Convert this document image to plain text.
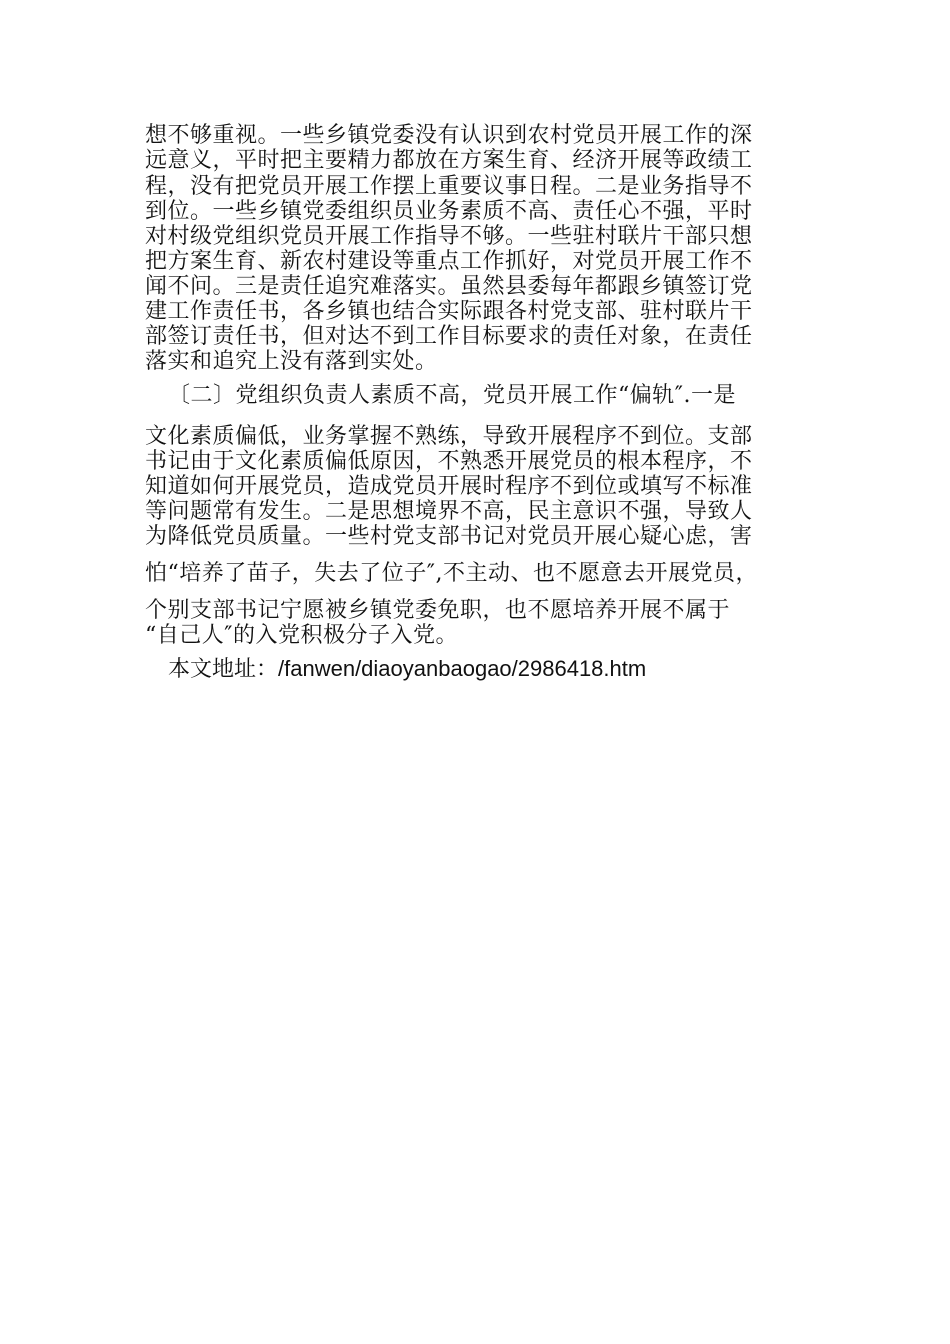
想不够重视。一些乡镇党委没有认识到农村党员开展工作的深

远意义，平时把主要精力都放在方案生育、经济开展等政绩工

程，没有把党员开展工作摆上重要议事日程。二是业务指导不

到位。一些乡镇党委组织员业务素质不高、责任心不强，平时

对村级党组织党员开展工作指导不够。一些驻村联片干部只想

把方案生育、新农村建设等重点工作抓好，对党员开展工作不

闻不问。三是责任追究难落实。虽然县委每年都跟乡镇签订党

建工作责任书，各乡镇也结合实际跟各村党支部、驻村联片干

部签订责任书，但对达不到工作目标要求的责任对象，在责任

落实和追究上没有落到实处。

〔二〕党组织负责人素质不高，党员开展工作“偏轨″.一是

文化素质偏低，业务掌握不熟练，导致开展程序不到位。支部

书记由于文化素质偏低原因，不熟悉开展党员的根本程序，不

知道如何开展党员，造成党员开展时程序不到位或填写不标准

等问题常有发生。二是思想境界不高，民主意识不强，导致人

为降低党员质量。一些村党支部书记对党员开展心疑心虑，害

怕“培养了苗子，失去了位子″,不主动、也不愿意去开展党员，

个别支部书记宁愿被乡镇党委免职，也不愿培养开展不属于

“自己人″的入党积极分子入党。

本文地址：/fanwen/diaoyanbaogao/2986418.htm
